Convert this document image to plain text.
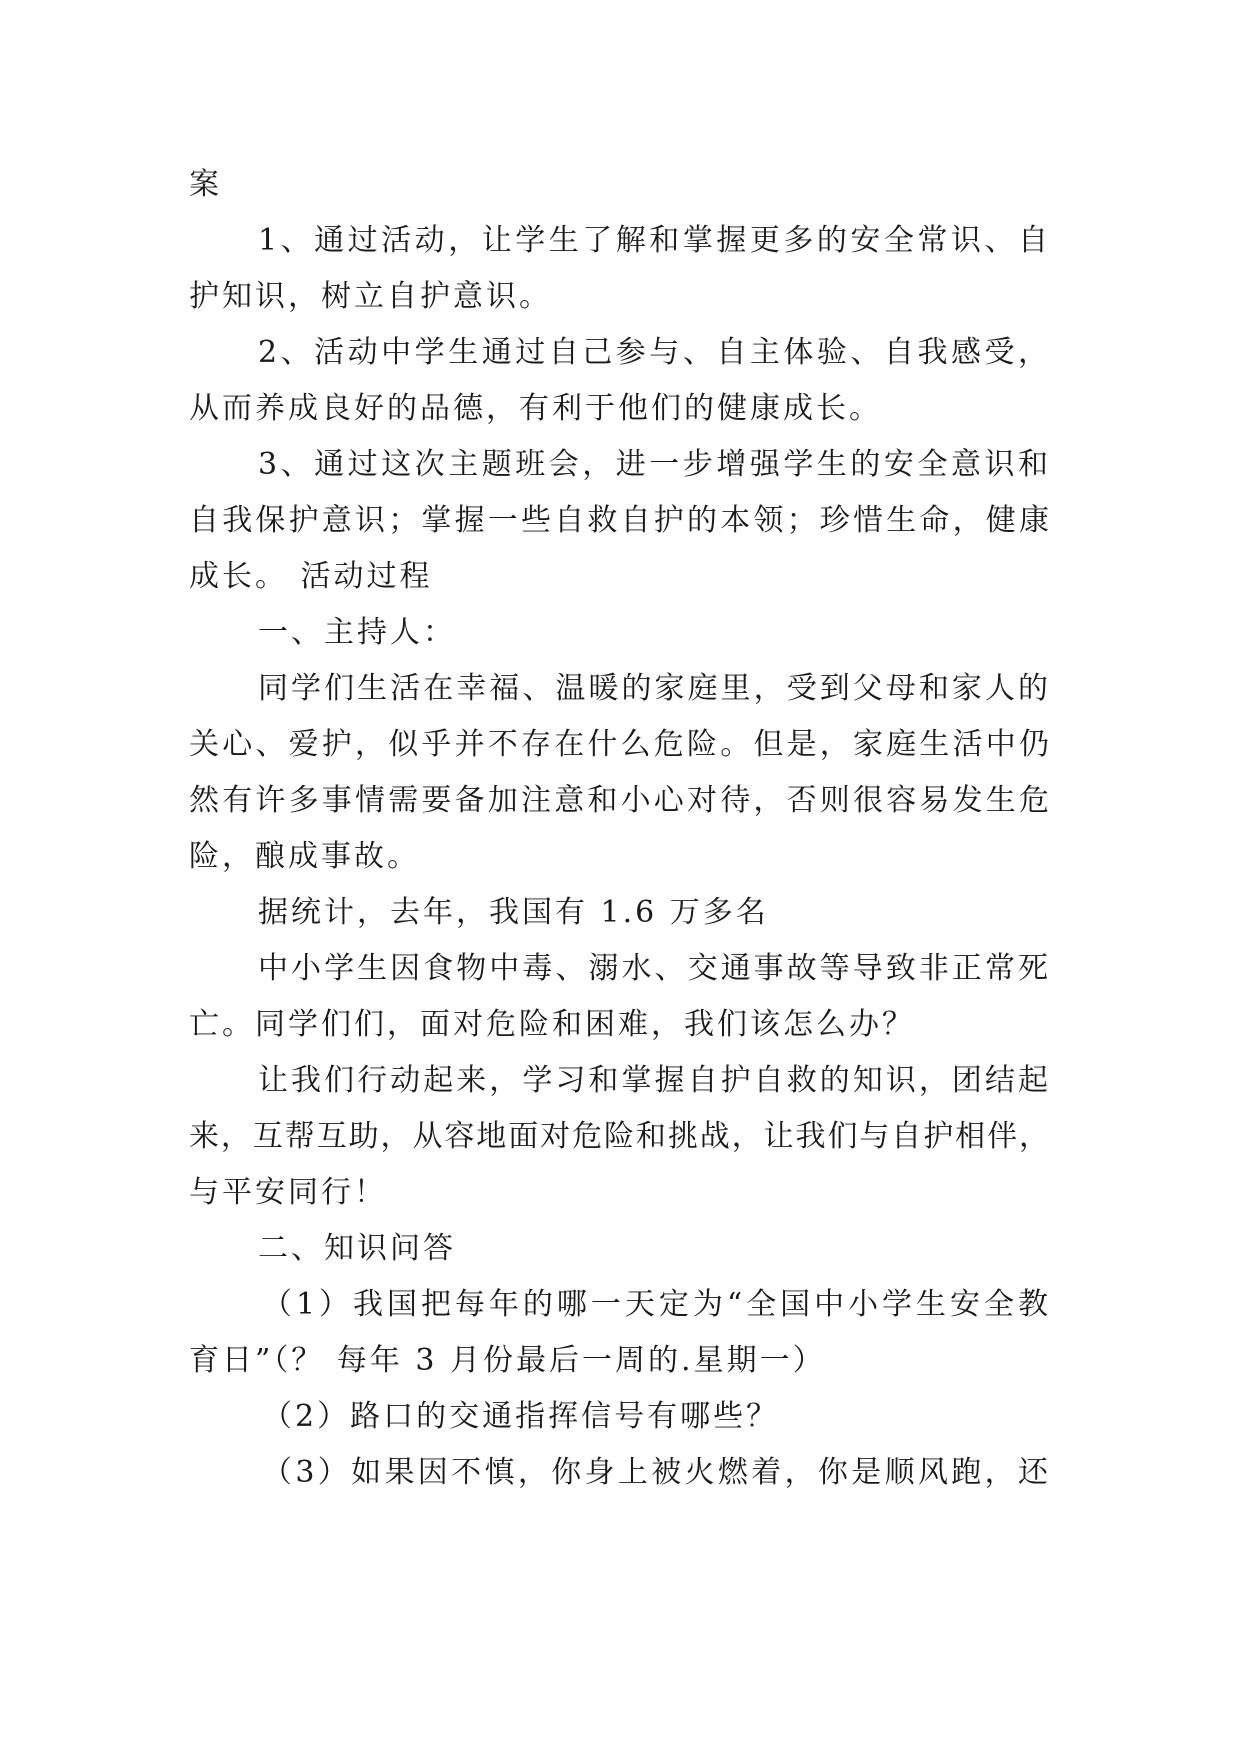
案
1、通过活动，让学生了解和掌握更多的安全常识、自
护知识，树立自护意识。
2、活动中学生通过自己参与、自主体验、自我感受，
从而养成良好的品德，有利于他们的健康成长。
3、通过这次主题班会，进一步增强学生的安全意识和
自我保护意识；掌握一些自救自护的本领；珍惜生命，健康
成长。 活动过程
一、主持人：
同学们生活在幸福、温暖的家庭里，受到父母和家人的
关心、爱护，似乎并不存在什么危险。但是，家庭生活中仍
然有许多事情需要备加注意和小心对待，否则很容易发生危
险，酿成事故。
据统计，去年，我国有 1.6 万多名
中小学生因食物中毒、溺水、交通事故等导致非正常死
亡。同学们们，面对危险和困难，我们该怎么办？
让我们行动起来，学习和掌握自护自救的知识，团结起
来，互帮互助，从容地面对危险和挑战，让我们与自护相伴，
与平安同行！
二、知识问答
（1）我国把每年的哪一天定为“全国中小学生安全教
育日”（？ 每年 3 月份最后一周的.星期一）
（2）路口的交通指挥信号有哪些？
（3）如果因不慎，你身上被火燃着，你是顺风跑，还
